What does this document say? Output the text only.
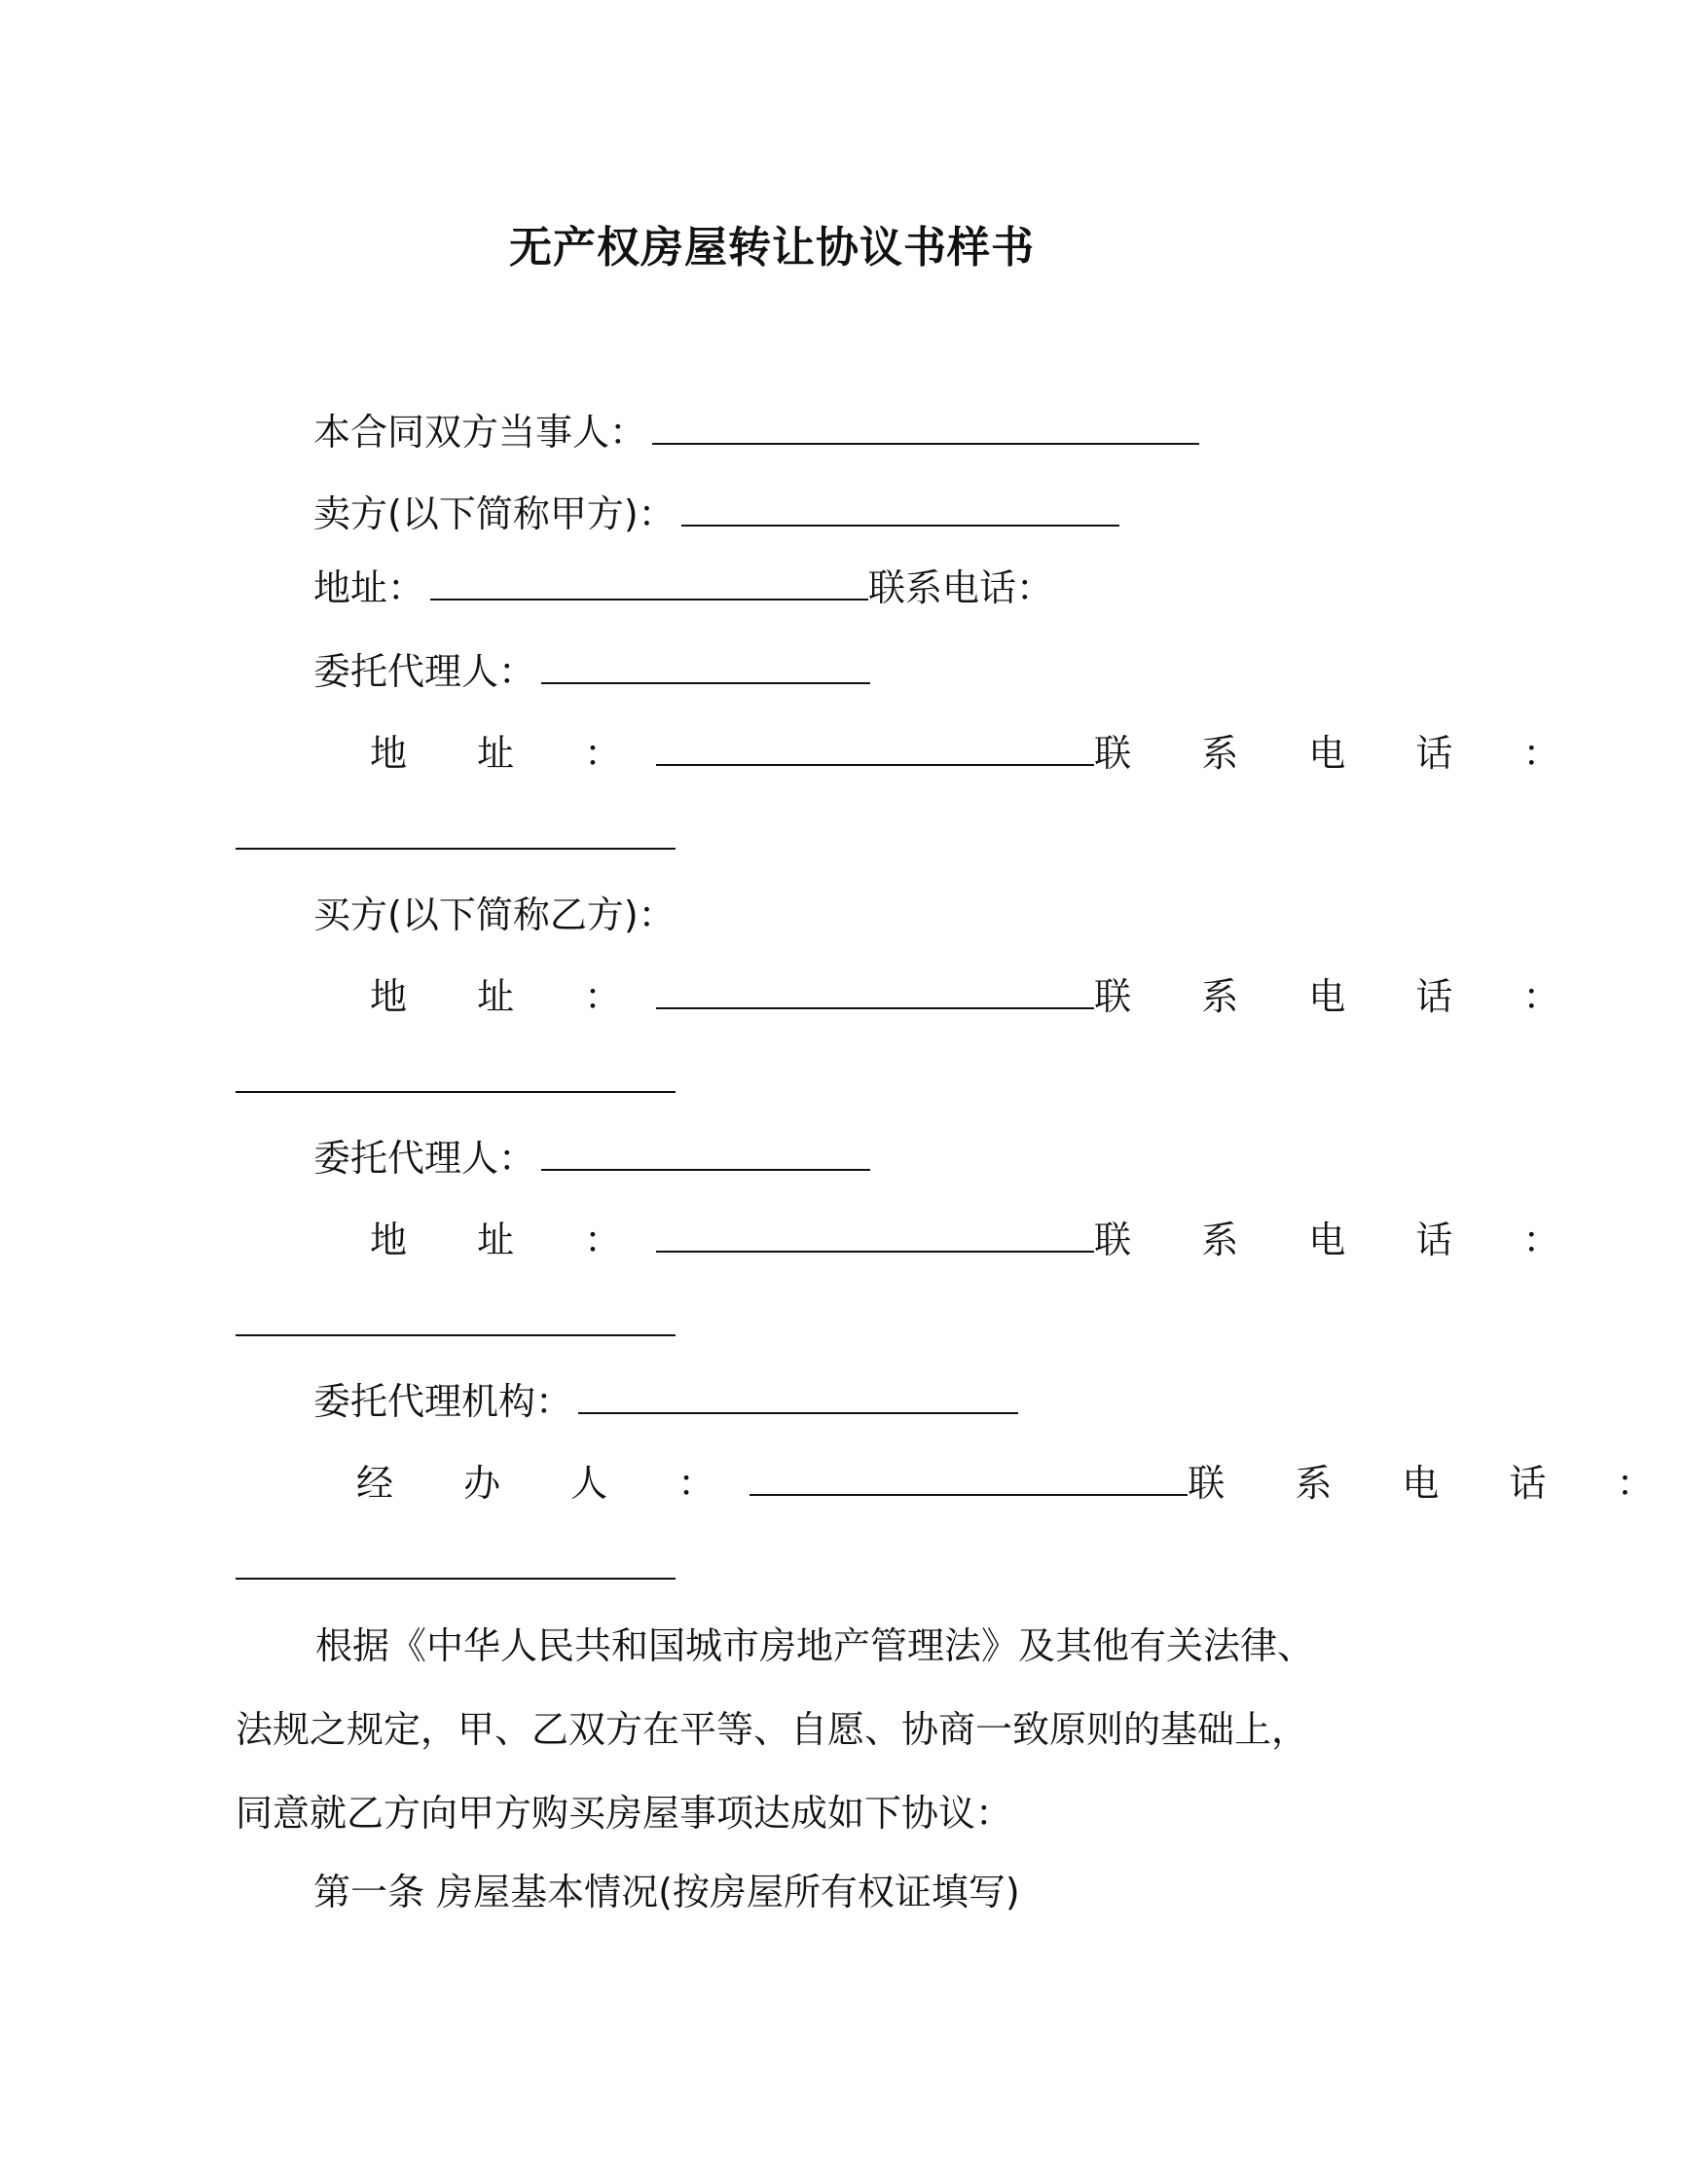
无产权房屋转让协议书样书
本合同双方当事人：
卖方(以下简称甲方)：
地址：	联系电话：
委托代理人：
地 址 ：	联 系 电 话 ：
买方(以下简称乙方)：
地 址 ：	联 系 电 话 ：
委托代理人：
地 址 ：	联 系 电 话 ：
委托代理机构：
经 办 人 ：	联 系 电 话 ：
根据《中华人民共和国城市房地产管理法》及其他有关法律、法规之规定，甲、乙双方在平等、自愿、协商一致原则的基础上，同意就乙方向甲方购买房屋事项达成如下协议：
第一条 房屋基本情况(按房屋所有权证填写)
